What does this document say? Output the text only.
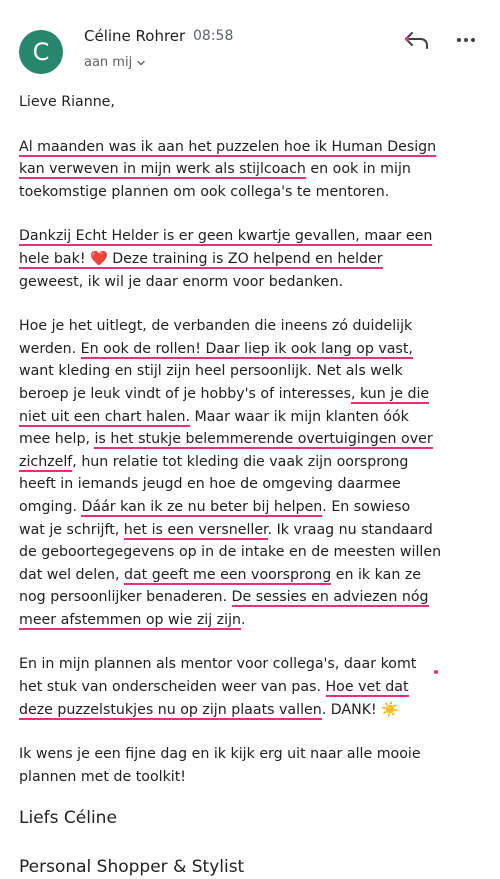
C
Céline Rohrer 08:58
aan mij

Lieve Rianne,

Al maanden was ik aan het puzzelen hoe ik Human Design
kan verweven in mijn werk als stijlcoach en ook in mijn
toekomstige plannen om ook collega's te mentoren.

Dankzij Echt Helder is er geen kwartje gevallen, maar een
hele bak! ❤️ Deze training is ZO helpend en helder
geweest, ik wil je daar enorm voor bedanken.

Hoe je het uitlegt, de verbanden die ineens zó duidelijk
werden. En ook de rollen! Daar liep ik ook lang op vast,
want kleding en stijl zijn heel persoonlijk. Net als welk
beroep je leuk vindt of je hobby's of interesses, kun je die
niet uit een chart halen. Maar waar ik mijn klanten óók
mee help, is het stukje belemmerende overtuigingen over
zichzelf, hun relatie tot kleding die vaak zijn oorsprong
heeft in iemands jeugd en hoe de omgeving daarmee
omging. Dáár kan ik ze nu beter bij helpen. En sowieso
wat je schrijft, het is een versneller. Ik vraag nu standaard
de geboortegegevens op in de intake en de meesten willen
dat wel delen, dat geeft me een voorsprong en ik kan ze
nog persoonlijker benaderen. De sessies en adviezen nóg
meer afstemmen op wie zij zijn.

En in mijn plannen als mentor voor collega's, daar komt
het stuk van onderscheiden weer van pas. Hoe vet dat
deze puzzelstukjes nu op zijn plaats vallen. DANK! ☀️

Ik wens je een fijne dag en ik kijk erg uit naar alle mooie
plannen met de toolkit!

Liefs Céline
Personal Shopper & Stylist
